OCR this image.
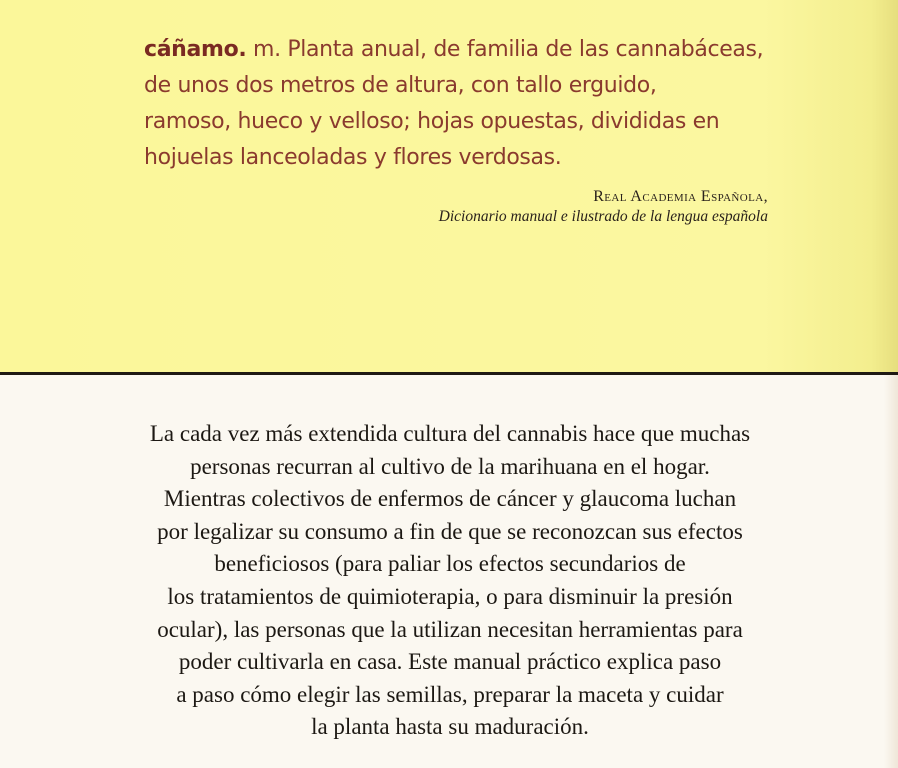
cáñamo. m. Planta anual, de familia de las cannabáceas,
de unos dos metros de altura, con tallo erguido,
ramoso, hueco y velloso; hojas opuestas, divididas en
hojuelas lanceoladas y flores verdosas.

Real Academia Española,
Dicionario manual e ilustrado de la lengua española
La cada vez más extendida cultura del cannabis hace que muchas
personas recurran al cultivo de la marihuana en el hogar.
Mientras colectivos de enfermos de cáncer y glaucoma luchan
por legalizar su consumo a fin de que se reconozcan sus efectos
beneficiosos (para paliar los efectos secundarios de
los tratamientos de quimioterapia, o para disminuir la presión
ocular), las personas que la utilizan necesitan herramientas para
poder cultivarla en casa. Este manual práctico explica paso
a paso cómo elegir las semillas, preparar la maceta y cuidar
la planta hasta su maduración.
